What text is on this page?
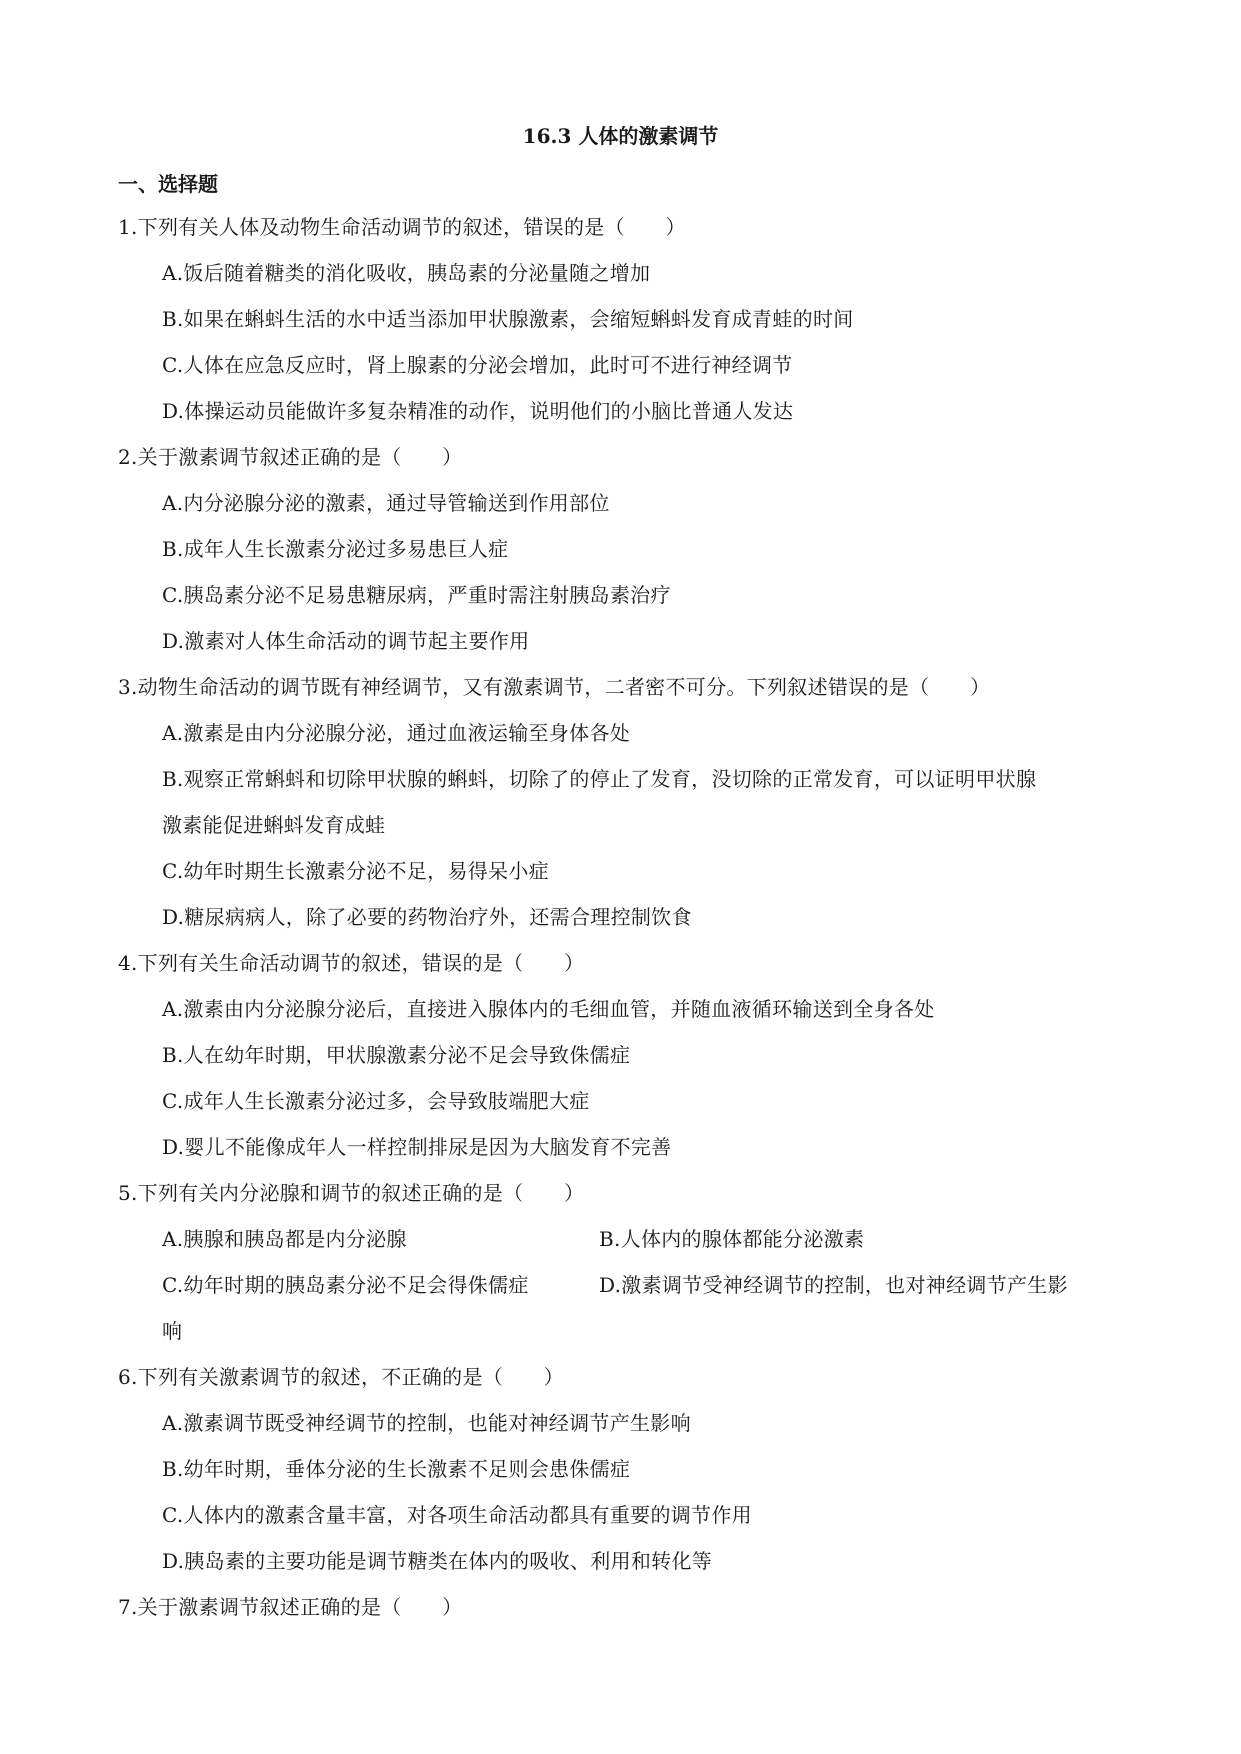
16.3 人体的激素调节
一、选择题
1.下列有关人体及动物生命活动调节的叙述，错误的是（　　）
A.饭后随着糖类的消化吸收，胰岛素的分泌量随之增加
B.如果在蝌蚪生活的水中适当添加甲状腺激素，会缩短蝌蚪发育成青蛙的时间
C.人体在应急反应时，肾上腺素的分泌会增加，此时可不进行神经调节
D.体操运动员能做许多复杂精准的动作，说明他们的小脑比普通人发达
2.关于激素调节叙述正确的是（　　）
A.内分泌腺分泌的激素，通过导管输送到作用部位
B.成年人生长激素分泌过多易患巨人症
C.胰岛素分泌不足易患糖尿病，严重时需注射胰岛素治疗
D.激素对人体生命活动的调节起主要作用
3.动物生命活动的调节既有神经调节，又有激素调节，二者密不可分。下列叙述错误的是（　　）
A.激素是由内分泌腺分泌，通过血液运输至身体各处
B.观察正常蝌蚪和切除甲状腺的蝌蚪，切除了的停止了发育，没切除的正常发育，可以证明甲状腺
激素能促进蝌蚪发育成蛙
C.幼年时期生长激素分泌不足，易得呆小症
D.糖尿病病人，除了必要的药物治疗外，还需合理控制饮食
4.下列有关生命活动调节的叙述，错误的是（　　）
A.激素由内分泌腺分泌后，直接进入腺体内的毛细血管，并随血液循环输送到全身各处
B.人在幼年时期，甲状腺激素分泌不足会导致侏儒症
C.成年人生长激素分泌过多，会导致肢端肥大症
D.婴儿不能像成年人一样控制排尿是因为大脑发育不完善
5.下列有关内分泌腺和调节的叙述正确的是（　　）
A.胰腺和胰岛都是内分泌腺	B.人体内的腺体都能分泌激素
C.幼年时期的胰岛素分泌不足会得侏儒症	D.激素调节受神经调节的控制，也对神经调节产生影
响
6.下列有关激素调节的叙述，不正确的是（　　）
A.激素调节既受神经调节的控制，也能对神经调节产生影响
B.幼年时期，垂体分泌的生长激素不足则会患侏儒症
C.人体内的激素含量丰富，对各项生命活动都具有重要的调节作用
D.胰岛素的主要功能是调节糖类在体内的吸收、利用和转化等
7.关于激素调节叙述正确的是（　　）
